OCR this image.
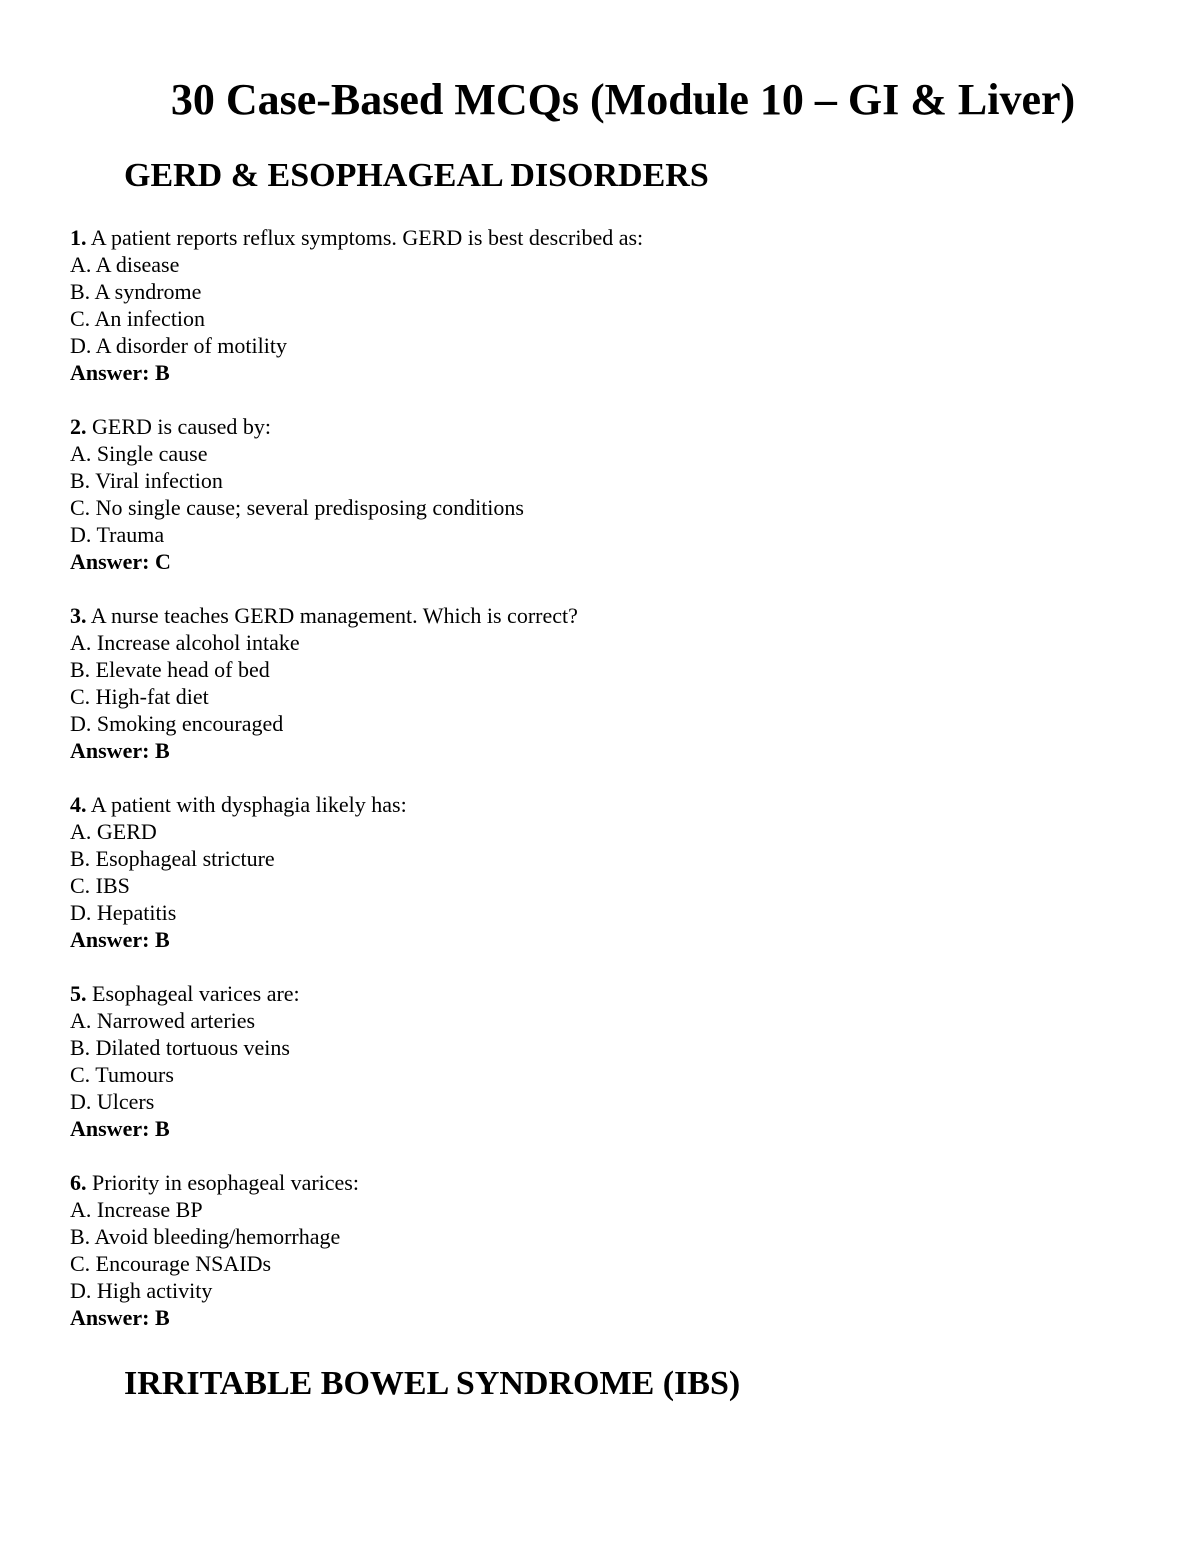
30 Case-Based MCQs (Module 10 – GI & Liver)
GERD & ESOPHAGEAL DISORDERS
1. A patient reports reflux symptoms. GERD is best described as:
A. A disease
B. A syndrome
C. An infection
D. A disorder of motility
Answer: B
2. GERD is caused by:
A. Single cause
B. Viral infection
C. No single cause; several predisposing conditions
D. Trauma
Answer: C
3. A nurse teaches GERD management. Which is correct?
A. Increase alcohol intake
B. Elevate head of bed
C. High-fat diet
D. Smoking encouraged
Answer: B
4. A patient with dysphagia likely has:
A. GERD
B. Esophageal stricture
C. IBS
D. Hepatitis
Answer: B
5. Esophageal varices are:
A. Narrowed arteries
B. Dilated tortuous veins
C. Tumours
D. Ulcers
Answer: B
6. Priority in esophageal varices:
A. Increase BP
B. Avoid bleeding/hemorrhage
C. Encourage NSAIDs
D. High activity
Answer: B
IRRITABLE BOWEL SYNDROME (IBS)
